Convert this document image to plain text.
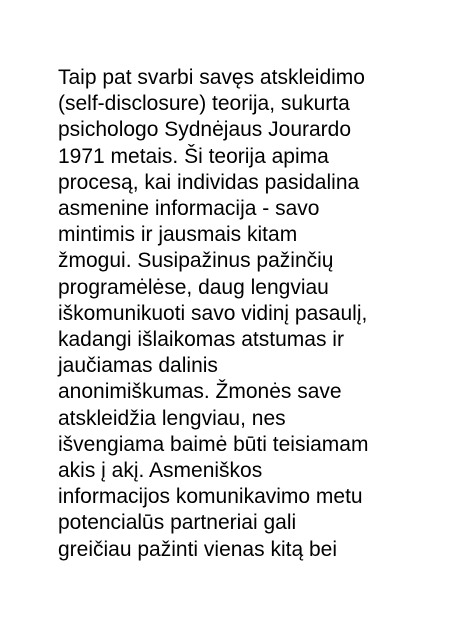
Taip pat svarbi savęs atskleidimo
(self-disclosure) teorija, sukurta
psichologo Sydnėjaus Jourardo
1971 metais. Ši teorija apima
procesą, kai individas pasidalina
asmenine informacija - savo
mintimis ir jausmais kitam
žmogui. Susipažinus pažinčių
programėlėse, daug lengviau
iškomunikuoti savo vidinį pasaulį,
kadangi išlaikomas atstumas ir
jaučiamas dalinis
anonimiškumas. Žmonės save
atskleidžia lengviau, nes
išvengiama baimė būti teisiamam
akis į akį. Asmeniškos
informacijos komunikavimo metu
potencialūs partneriai gali
greičiau pažinti vienas kitą bei
